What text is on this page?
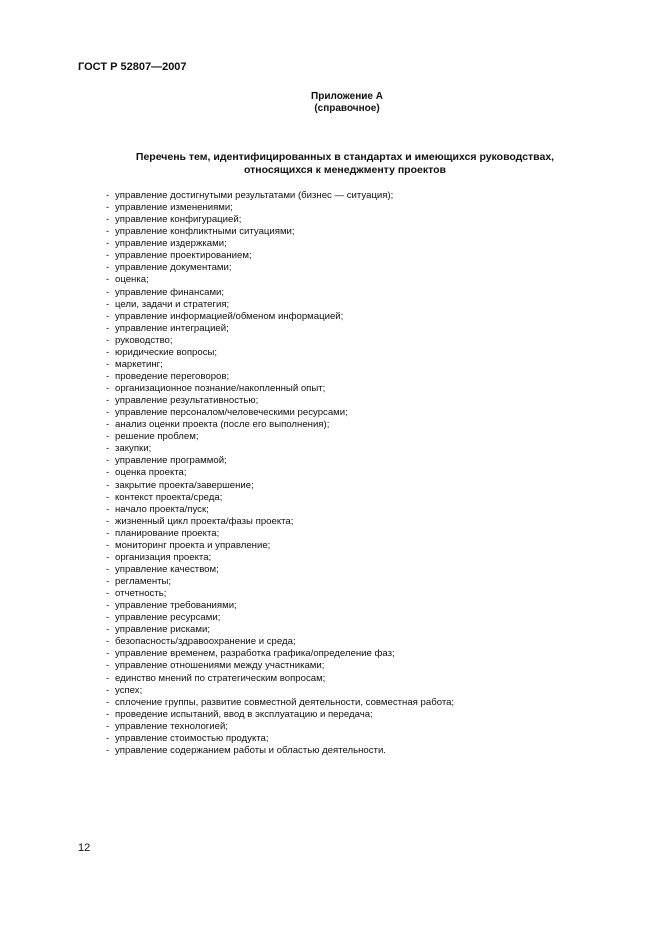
ГОСТ Р 52807—2007
Приложение А
(справочное)
Перечень тем, идентифицированных в стандартах и имеющихся руководствах,
относящихся к менеджменту проектов
- управление достигнутыми результатами (бизнес — ситуация);
- управление изменениями;
- управление конфигурацией;
- управление конфликтными ситуациями;
- управление издержками;
- управление проектированием;
- управление документами;
- оценка;
- управление финансами;
- цели, задачи и стратегия;
- управление информацией/обменом информацией;
- управление интеграцией;
- руководство;
- юридические вопросы;
- маркетинг;
- проведение переговоров;
- организационное познание/накопленный опыт;
- управление результативностью;
- управление персоналом/человеческими ресурсами;
- анализ оценки проекта (после его выполнения);
- решение проблем;
- закупки;
- управление программой;
- оценка проекта;
- закрытие проекта/завершение;
- контекст проекта/среда;
- начало проекта/пуск;
- жизненный цикл проекта/фазы проекта;
- планирование проекта;
- мониторинг проекта и управление;
- организация проекта;
- управление качеством;
- регламенты;
- отчетность;
- управление требованиями;
- управление ресурсами;
- управление рисками;
- безопасность/здравоохранение и среда;
- управление временем, разработка графика/определение фаз;
- управление отношениями между участниками;
- единство мнений по стратегическим вопросам;
- успех;
- сплочение группы, развитие совместной деятельности, совместная работа;
- проведение испытаний, ввод в эксплуатацию и передача;
- управление технологией;
- управление стоимостью продукта;
- управление содержанием работы и областью деятельности.
12
